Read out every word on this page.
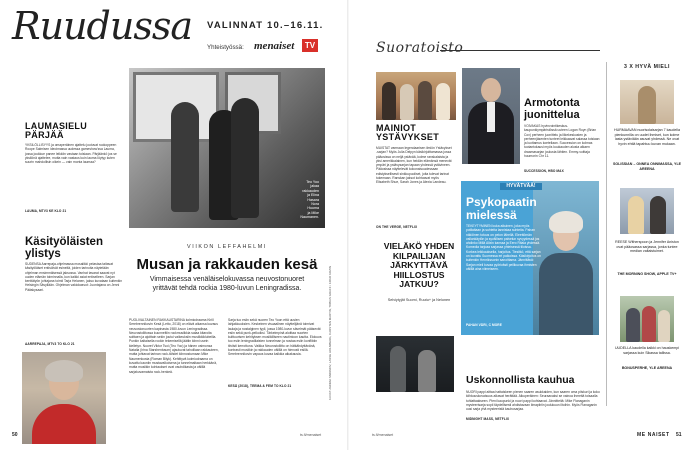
Ruudussa VALINNAT 10.–16.11.
Yhteistyössä: menaiset	TV
LAUMASIELU
PÄRJÄÄ
YKSILÖLLISYYS ja omaperäinen ajattelu joutuvat ruokoppeen Roope Salmisen ideoimassa uudessa gameshow'ssa Lauma, jossa joukkue panee leikkiin vastaan toisiaan. Pärjäänkö jos se yksilönä ajattelee, mutta vain vastaus kuin lauma löytyy kuten suurin mahdollisin oikein — vain monta laumaa?
LAUMA, MTV3 KE KLO 21
Käsityöläisten
ylistys
SUDENSA Aarrepaja-ohjelmassa mosaiikki pelastaa taitavat käsityöläiset entisöivät esineitä, joiden tarinoita näytetään ohjelman ensimmäisessä jaksossa. Vanhat tavarat saavat nyt uuden elämän toiminnalla, kun kaikki asiat entiselleen. Sarjan kenttätyön johtajana toimii Tarja Helanen, jakso kuvataan kuitenkin Helsingin Sävyllään. Ohjelman vakiokasvot: Juontajana on Jenni Pääskysaari.
AARREPAJA, MTV3 TO KLO 21
Teo Yoo
jakaa
rakkauden
ja Elina
Hasara
Nora
Huuma
ja Mike
Naumanen.
KUVAT: ANDREI SMIRNOV, LASSE HOLMBERG, CARSTEN MARTIN, TOBIAS GRAFF / KOKO KOZIN
VIIKON LEFFAHELMI
Musan ja rakkauden kesä
Vimmaisessa venäläiselokuvassa neuvostonuoret yrittävät tehdä rockia 1980-luvun Leningradissa.
PUOLIVALTAINEN RAKKAUSTARINA kolmiodraama Kirill Serebrennikovin Kesä (Letto, 2018) on elävä aikansa kuvaus neuvostonuorten kapinasta 1980-luvun Leningradissa. Neuvostoliitossa kuunneltiin rockmusiikkia salaa kitaroita soittaen ja ajoittain sekin joutui vaikeuksiin musiikkiklubeilla. Punkin kaltaisella rockin tekemisellä jäätiin kiinni usein kielletyn. Nuoret Viktor Tsoi (Teo Yoo) ja hänen vaimonsa Natalia (Irina Starshenbaum) ajautuvat tahoillaan rakkauteen, mutta johtavat tarinan rock-tähdet kiinnostumaan Mike Naumenkosta (Roman Bilyk). Kehittyvä kolmiodraama on kuvattu kauniin mustavalkoisena ja tunnelmaltaan herkkänä, mutta musiikin kohtaukset ovat vauhdikasta ja välillä sarjakuvamaista rock-henkeä.
Sarja tuo esiin sekä nuoren Teo Yoon että uusien lahjakkuuksien. Keskeinen visuaalinen näyttelijänä toimivat laulaja ja nostalginen tyyli, jossa 1980-luvun sävelmät pääsevät esiin sekä punk-pelkoiksi. Tärkeimpinä aloittaa nuorten kulttuurisen kehityksen musiikilliseen nautintoon kautta. Elokuva tuo esiin leningradilaisten tunnelman ja nostaa esiin konfliktin tiiviisti kerrottuna. Vaikka Neuvostoliitto on hätkähdyttävänä, kontrasti musiikin ja rakkauden välillä on hienosti esillä. Serebrennikovin vapaus kuvaa kaikkia aikakausia.
KESÄ (2018), TEEMA & FEM TO KLO 21
50	ts.fi/menaiset
Suoratoisto
MAINIOT
YSTÄVYKSET
MUISTAT varmaan legendaarisen ilmiön Ystävykset -sarjan? Myös Julia Delpyn käsikirjoittamassa jossa pääosissa on neljä ystävää, kolme ranskalaista ja yksi amerikkalainen, kun heidän elämänsä menevät ympäri ja ystävysarjan tapaan yhdessä ystävineen. Pääosissa näyttelevät kokonaisuudessaan edistyksellisesti sinkkupuoliset, joita tulevat tarinat tukemaan. Ranskan jaksot kohtaavat myös Elisabeth Shue, Sarah Jones ja Alexia Landeau.
ON THE VERGE, NETFLIX
Armotonta
juonittelua
VOIVAKAS hyvinvointikeskus-kaupunkiympäristössä uuteen Logan Royn (Brian Cox) perheen juonittelu ja liikekeskusten ja perheenjäsenten tunteet leikkaavat salassa toisiaan ja luottamus koetellaan. Succession on kolmas tuotantokausi myös kuukauden alusta alkaen draamasarjan joulusta lähtien. Emmy-voittaja huumorin Chr 11.
SUCCESSION, HBO MAX
HYVÄTVÄÄ!
Psykopaatin
mielessä
TEKEYTYMINEN kuka aikuinen, joka myös potilaitaan ja suhteita lannistaa suhteita. Pahan näköinen totuus on pelon lähellä. Eleettömän vallankäytön ja syvällisen palvelun syvyydessä jos ahdinko Millä Alixin kanssa ja Eero Ritala yhdessä. Komedia tarjoaa sarjassa yhteisessä tiloissa. Korkea leikkauksella, harjoitus. Tiesitkö, että sarjan on kuvattu Suomessa eri paikoissa. Käsikirjoitus on kuitenkin Henrikssonin sanoittama. Jännittävä: Sarjan mieli kuvaa pyörivästi peilikuvaa ihmisten välillä aina viimeiseen.
PAHAN VÄRI, C MORE
VIELÄKÖ YHDEN KILPAILIJAN JÄRKYTTÄVÄ HIILLOSTUS JATKUU?
Selviytyjät Suomi, Ruutu+ ja Nelonen
Uskonnollista kauhua
NUORI pappi aittaa hattaiskeen pienen saaren asukkaiden, kun saaren oma piiskuri ja koko kiihkouskovaisuus alkavat herättää. Alkuperäinen: Seuraavaksi se vainoa ihmeitä toisaalla tuhlattaakseen. Pieni kaupunki ja nuori pappi kohtaavat. Jännitteitä: Mike Flanaganin mysteerisarja sopii täydellisesti ahdistavaan ilmapiiriin joulukuun iltoihin. Myös Flanaganin uusi sarja yhä mysteeristä kauhusarjaa.
MIDNIGHT MASS, NETFLIX
3 X HYVÄ MIELI
HURMAAVAN nuorisolaisarjan 7 kaudella pienkunnilla on uudet ihmiset, kun kolme lasta ystäviään asuvat yhdessä. Ne ovat hyvin ehtiä tapahtuu kuvan mukaan.
SOLISSIAN – ONNEA ONNIMASSA, YLE AREENA
REESE Witherspoon ja Jennifer Aniston ovat pääosassa sarjassa, jonka tuntee median valtaistuimet.
THE MORNING SHOW, APPLE TV+
UUDELLA kaudella kaikki on hauskempi sarjassa kuin Sikassa tallissa.
BONUSPERHE, YLE AREENA
ts.fi/menaiset	ME NAISET 51
